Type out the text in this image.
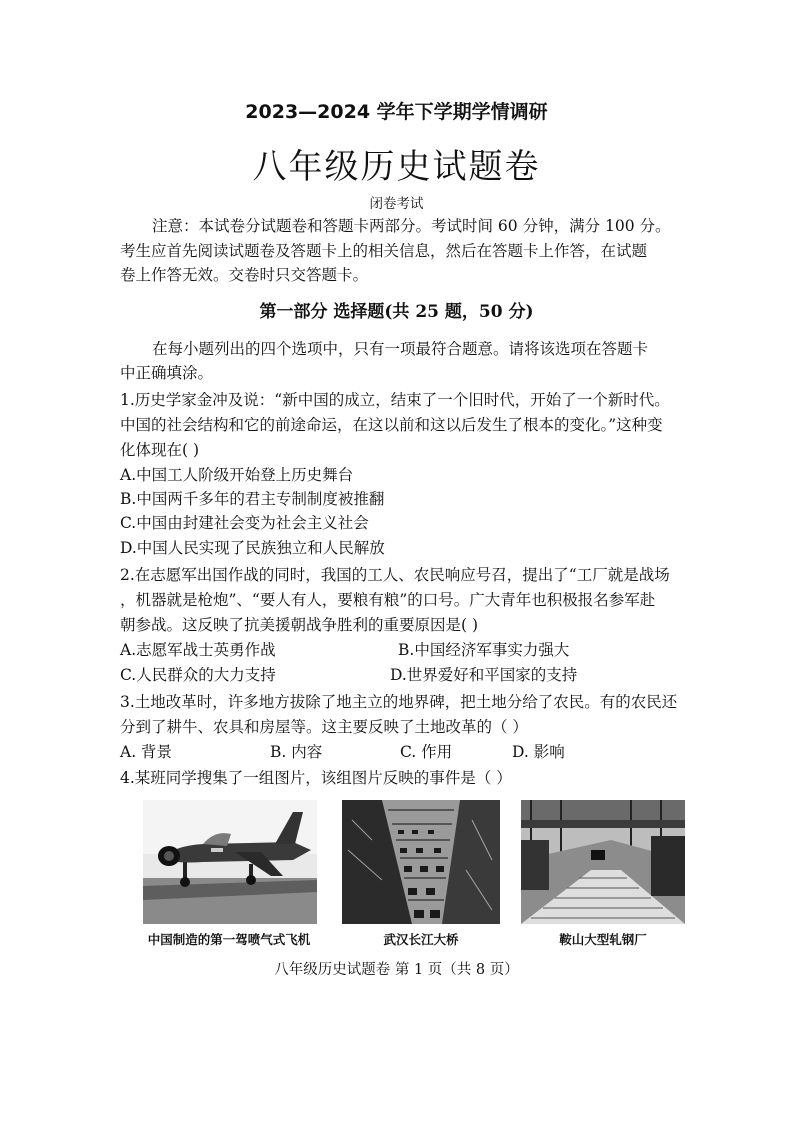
2023—2024 学年下学期学情调研
八年级历史试题卷
闭卷考试
注意：本试卷分试题卷和答题卡两部分。考试时间 60 分钟，满分 100 分。
考生应首先阅读试题卷及答题卡上的相关信息，然后在答题卡上作答，在试题
卷上作答无效。交卷时只交答题卡。
第一部分 选择题(共 25 题，50 分)
在每小题列出的四个选项中，只有一项最符合题意。请将该选项在答题卡
中正确填涂。
1.历史学家金冲及说：“新中国的成立，结束了一个旧时代，开始了一个新时代。
中国的社会结构和它的前途命运，在这以前和这以后发生了根本的变化。”这种变
化体现在( )
A.中国工人阶级开始登上历史舞台
B.中国两千多年的君主专制制度被推翻
C.中国由封建社会变为社会主义社会
D.中国人民实现了民族独立和人民解放
2.在志愿军出国作战的同时，我国的工人、农民响应号召，提出了“工厂就是战场
，机器就是枪炮”、“要人有人，要粮有粮”的口号。广大青年也积极报名参军赴
朝参战。这反映了抗美援朝战争胜利的重要原因是( )
A.志愿军战士英勇作战	B.中国经济军事实力强大
C.人民群众的大力支持	D.世界爱好和平国家的支持
3.土地改革时，许多地方拔除了地主立的地界碑，把土地分给了农民。有的农民还
分到了耕牛、农具和房屋等。这主要反映了土地改革的（ ）
A. 背景	B. 内容	C. 作用	D. 影响
4.某班同学搜集了一组图片，该组图片反映的事件是（ ）
中国制造的第一驾喷气式飞机	武汉长江大桥	鞍山大型轧钢厂
八年级历史试题卷 第 1 页（共 8 页）
